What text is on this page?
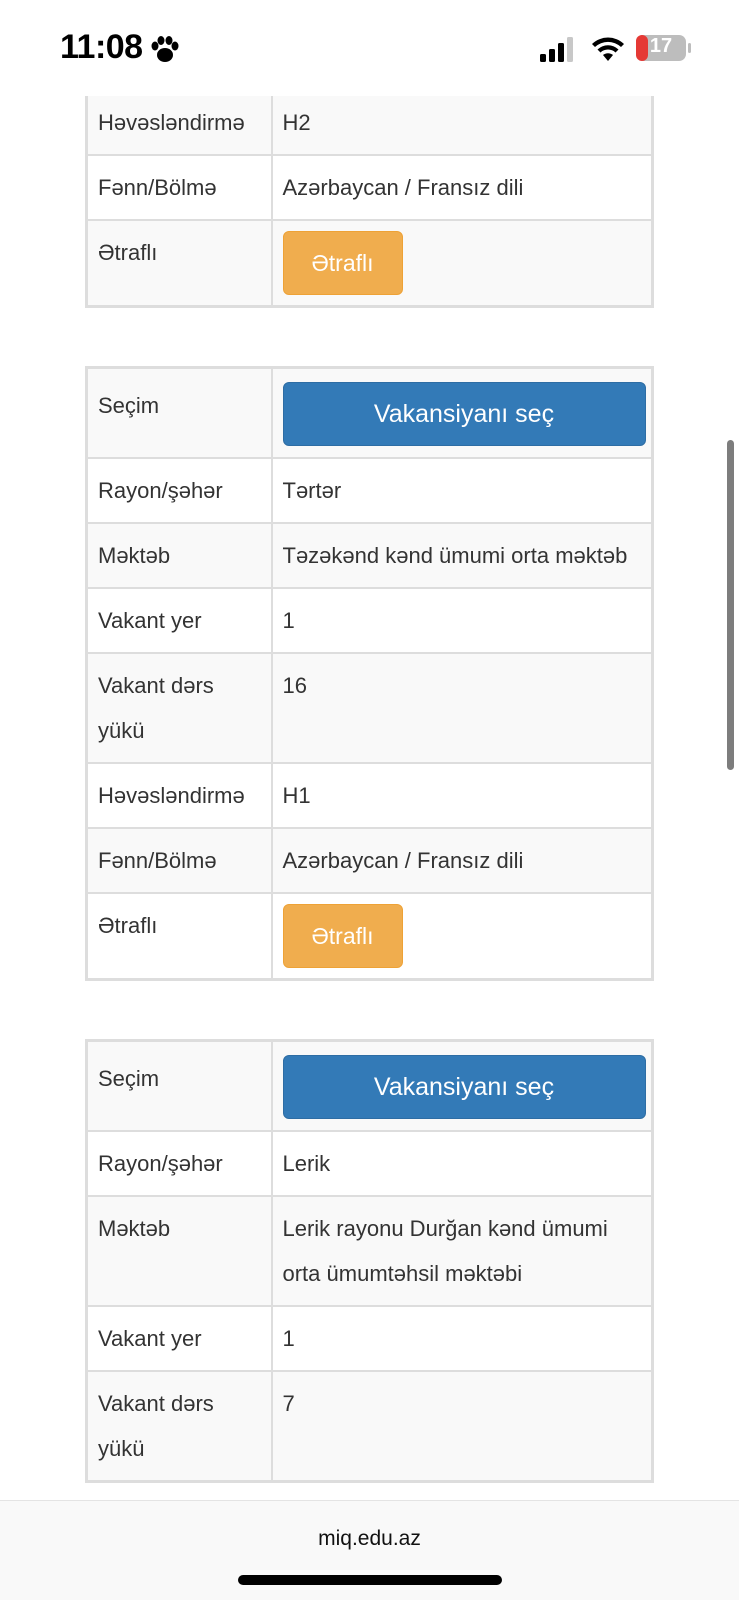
11:08	17
Həvəsləndirmə	H2
Fənn/Bölmə	Azərbaycan / Fransız dili
Ətraflı	Ətraflı
Seçim	Vakansiyanı seç

Rayon/şəhər	Tərtər
Məktəb	Təzəkənd kənd ümumi orta məktəb
Vakant yer	1
Vakant dərs yükü	16
Həvəsləndirmə	H1
Fənn/Bölmə	Azərbaycan / Fransız dili
Ətraflı	Ətraflı
Seçim	Vakansiyanı seç

Rayon/şəhər	Lerik
Məktəb	Lerik rayonu Durğan kənd ümumi orta ümumtəhsil məktəbi
Vakant yer	1
Vakant dərs yükü	7
miq.edu.az
